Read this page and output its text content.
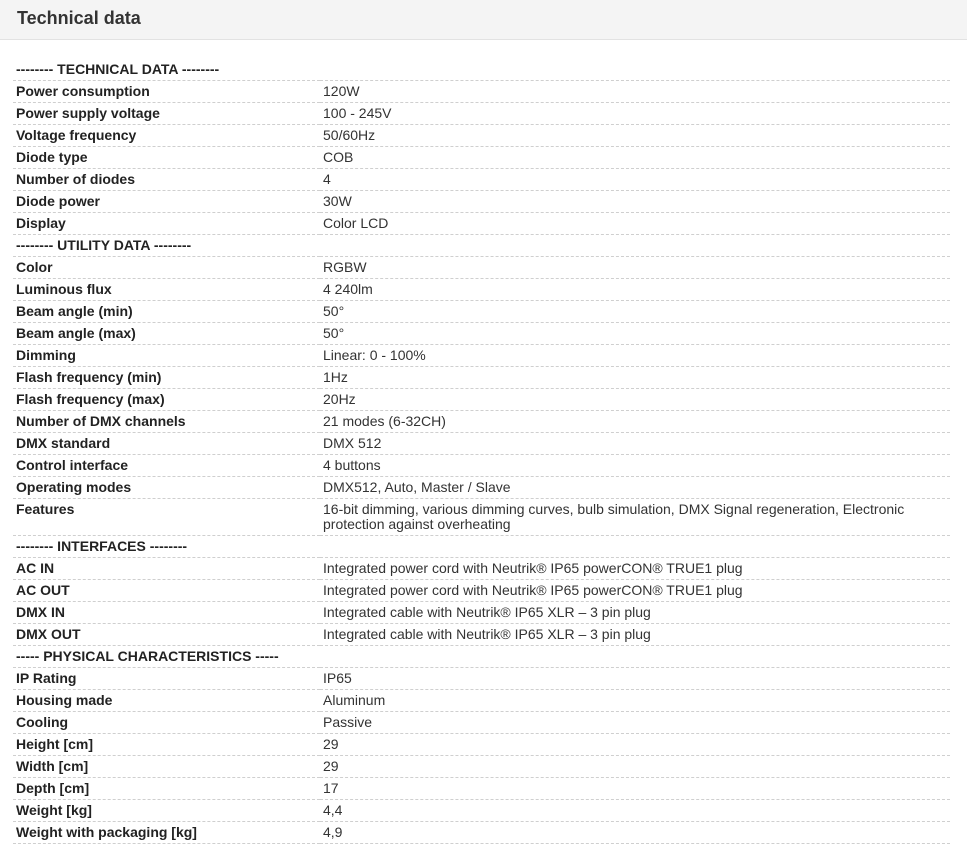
Technical data
-------- TECHNICAL DATA --------	
Power consumption	120W
Power supply voltage	100 - 245V
Voltage frequency	50/60Hz
Diode type	COB
Number of diodes	4
Diode power	30W
Display	Color LCD
-------- UTILITY DATA --------	
Color	RGBW
Luminous flux	4 240lm
Beam angle (min)	50°
Beam angle (max)	50°
Dimming	Linear: 0 - 100%
Flash frequency (min)	1Hz
Flash frequency (max)	20Hz
Number of DMX channels	21 modes (6-32CH)
DMX standard	DMX 512
Control interface	4 buttons
Operating modes	DMX512, Auto, Master / Slave
Features	16-bit dimming, various dimming curves, bulb simulation, DMX Signal regeneration, Electronic protection against overheating
-------- INTERFACES --------	
AC IN	Integrated power cord with Neutrik® IP65 powerCON® TRUE1 plug
AC OUT	Integrated power cord with Neutrik® IP65 powerCON® TRUE1 plug
DMX IN	Integrated cable with Neutrik® IP65 XLR – 3 pin plug
DMX OUT	Integrated cable with Neutrik® IP65 XLR – 3 pin plug
----- PHYSICAL CHARACTERISTICS -----	
IP Rating	IP65
Housing made	Aluminum
Cooling	Passive
Height [cm]	29
Width [cm]	29
Depth [cm]	17
Weight [kg]	4,4
Weight with packaging [kg]	4,9
